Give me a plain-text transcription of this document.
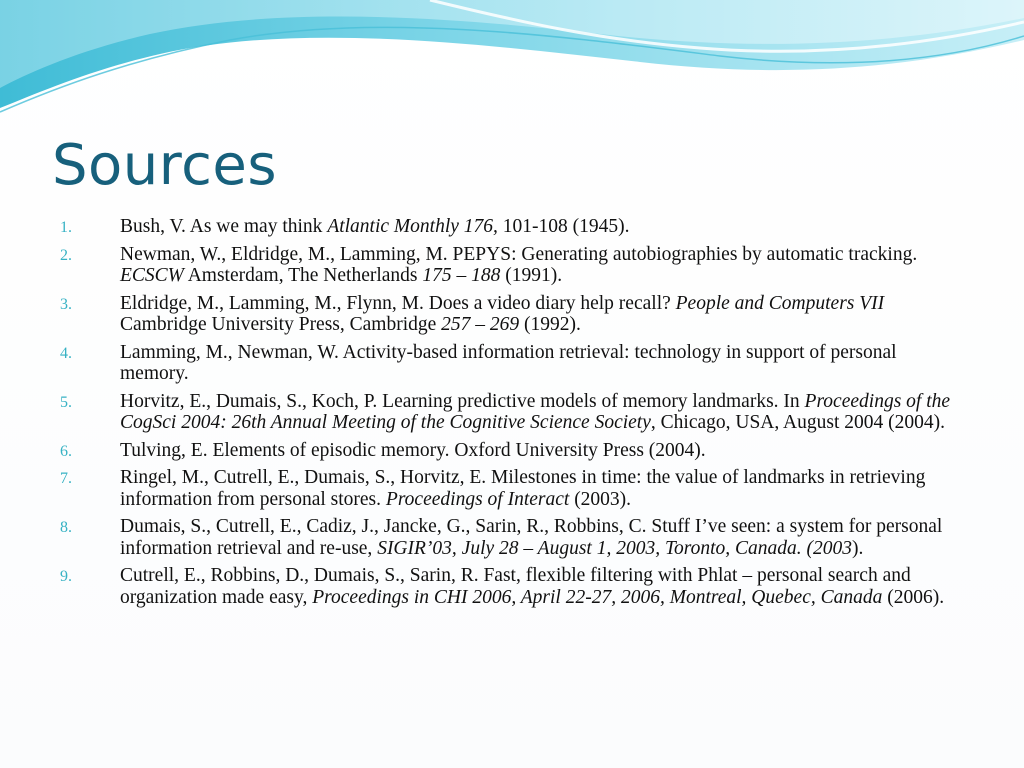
Sources
1. Bush, V. As we may think Atlantic Monthly 176, 101-108 (1945).
2. Newman, W., Eldridge, M., Lamming, M. PEPYS: Generating autobiographies by automatic tracking. ECSCW Amsterdam, The Netherlands 175 – 188 (1991).
3. Eldridge, M., Lamming, M., Flynn, M. Does a video diary help recall? People and Computers VII Cambridge University Press, Cambridge 257 – 269 (1992).
4. Lamming, M., Newman, W. Activity-based information retrieval: technology in support of personal memory.
5. Horvitz, E., Dumais, S., Koch, P. Learning predictive models of memory landmarks. In Proceedings of the CogSci 2004: 26th Annual Meeting of the Cognitive Science Society, Chicago, USA, August 2004 (2004).
6. Tulving, E. Elements of episodic memory. Oxford University Press (2004).
7. Ringel, M., Cutrell, E., Dumais, S., Horvitz, E. Milestones in time: the value of landmarks in retrieving information from personal stores. Proceedings of Interact (2003).
8. Dumais, S., Cutrell, E., Cadiz, J., Jancke, G., Sarin, R., Robbins, C. Stuff I’ve seen: a system for personal information retrieval and re-use, SIGIR’03, July 28 – August 1, 2003, Toronto, Canada. (2003).
9. Cutrell, E., Robbins, D., Dumais, S., Sarin, R. Fast, flexible filtering with Phlat – personal search and organization made easy, Proceedings in CHI 2006, April 22-27, 2006, Montreal, Quebec, Canada (2006).
